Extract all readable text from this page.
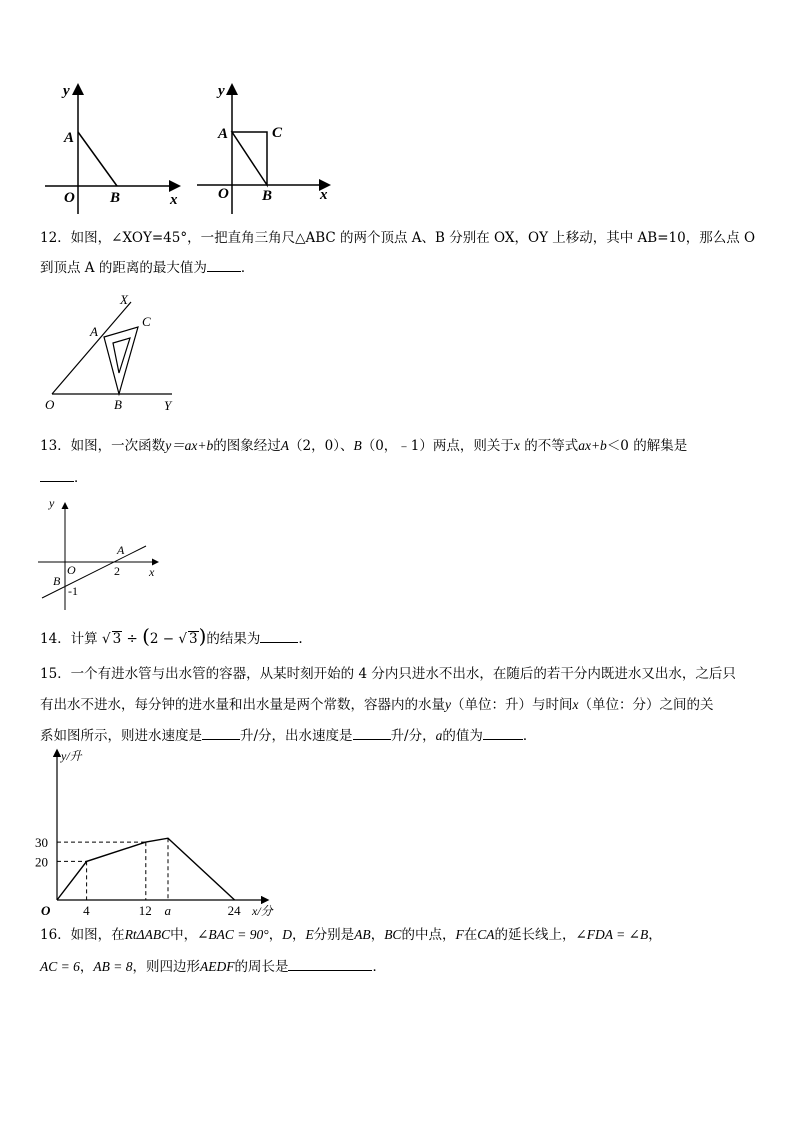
y
A
O B	x
y
A	C
O B	x
12．如图，∠XOY=45°，一把直角三角尺△ABC 的两个顶点 A、B 分别在 OX，OY 上移动，其中 AB=10，那么点 O
到顶点 A 的距离的最大值为	．
X
A
C
O	B	Y
13．如图，一次函数y＝ax+b的图象经过A（2，0）、B（0，﹣1）两点，则关于x 的不等式ax+b＜0 的解集是
．
y
A
O
B
2 x
-1
14．计算 √ 3 ÷ (2 − √ 3)的结果为	.
15．一个有进水管与出水管的容器，从某时刻开始的 4 分内只进水不出水，在随后的若干分内既进水又出水，之后只
有出水不进水，每分钟的进水量和出水量是两个常数，容器内的水量y（单位：升）与时间x（单位：分）之间的关
系如图所示，则进水速度是	升/分，出水速度是	升/分，a的值为	．
y/升
x/分
O	4	12 a	24
20
30
16．如图，在RtΔABC中，∠BAC = 90°，D，E分别是AB，BC的中点，F在CA的延长线上，∠FDA = ∠B，
AC = 6，AB = 8，则四边形AEDF的周长是	．
